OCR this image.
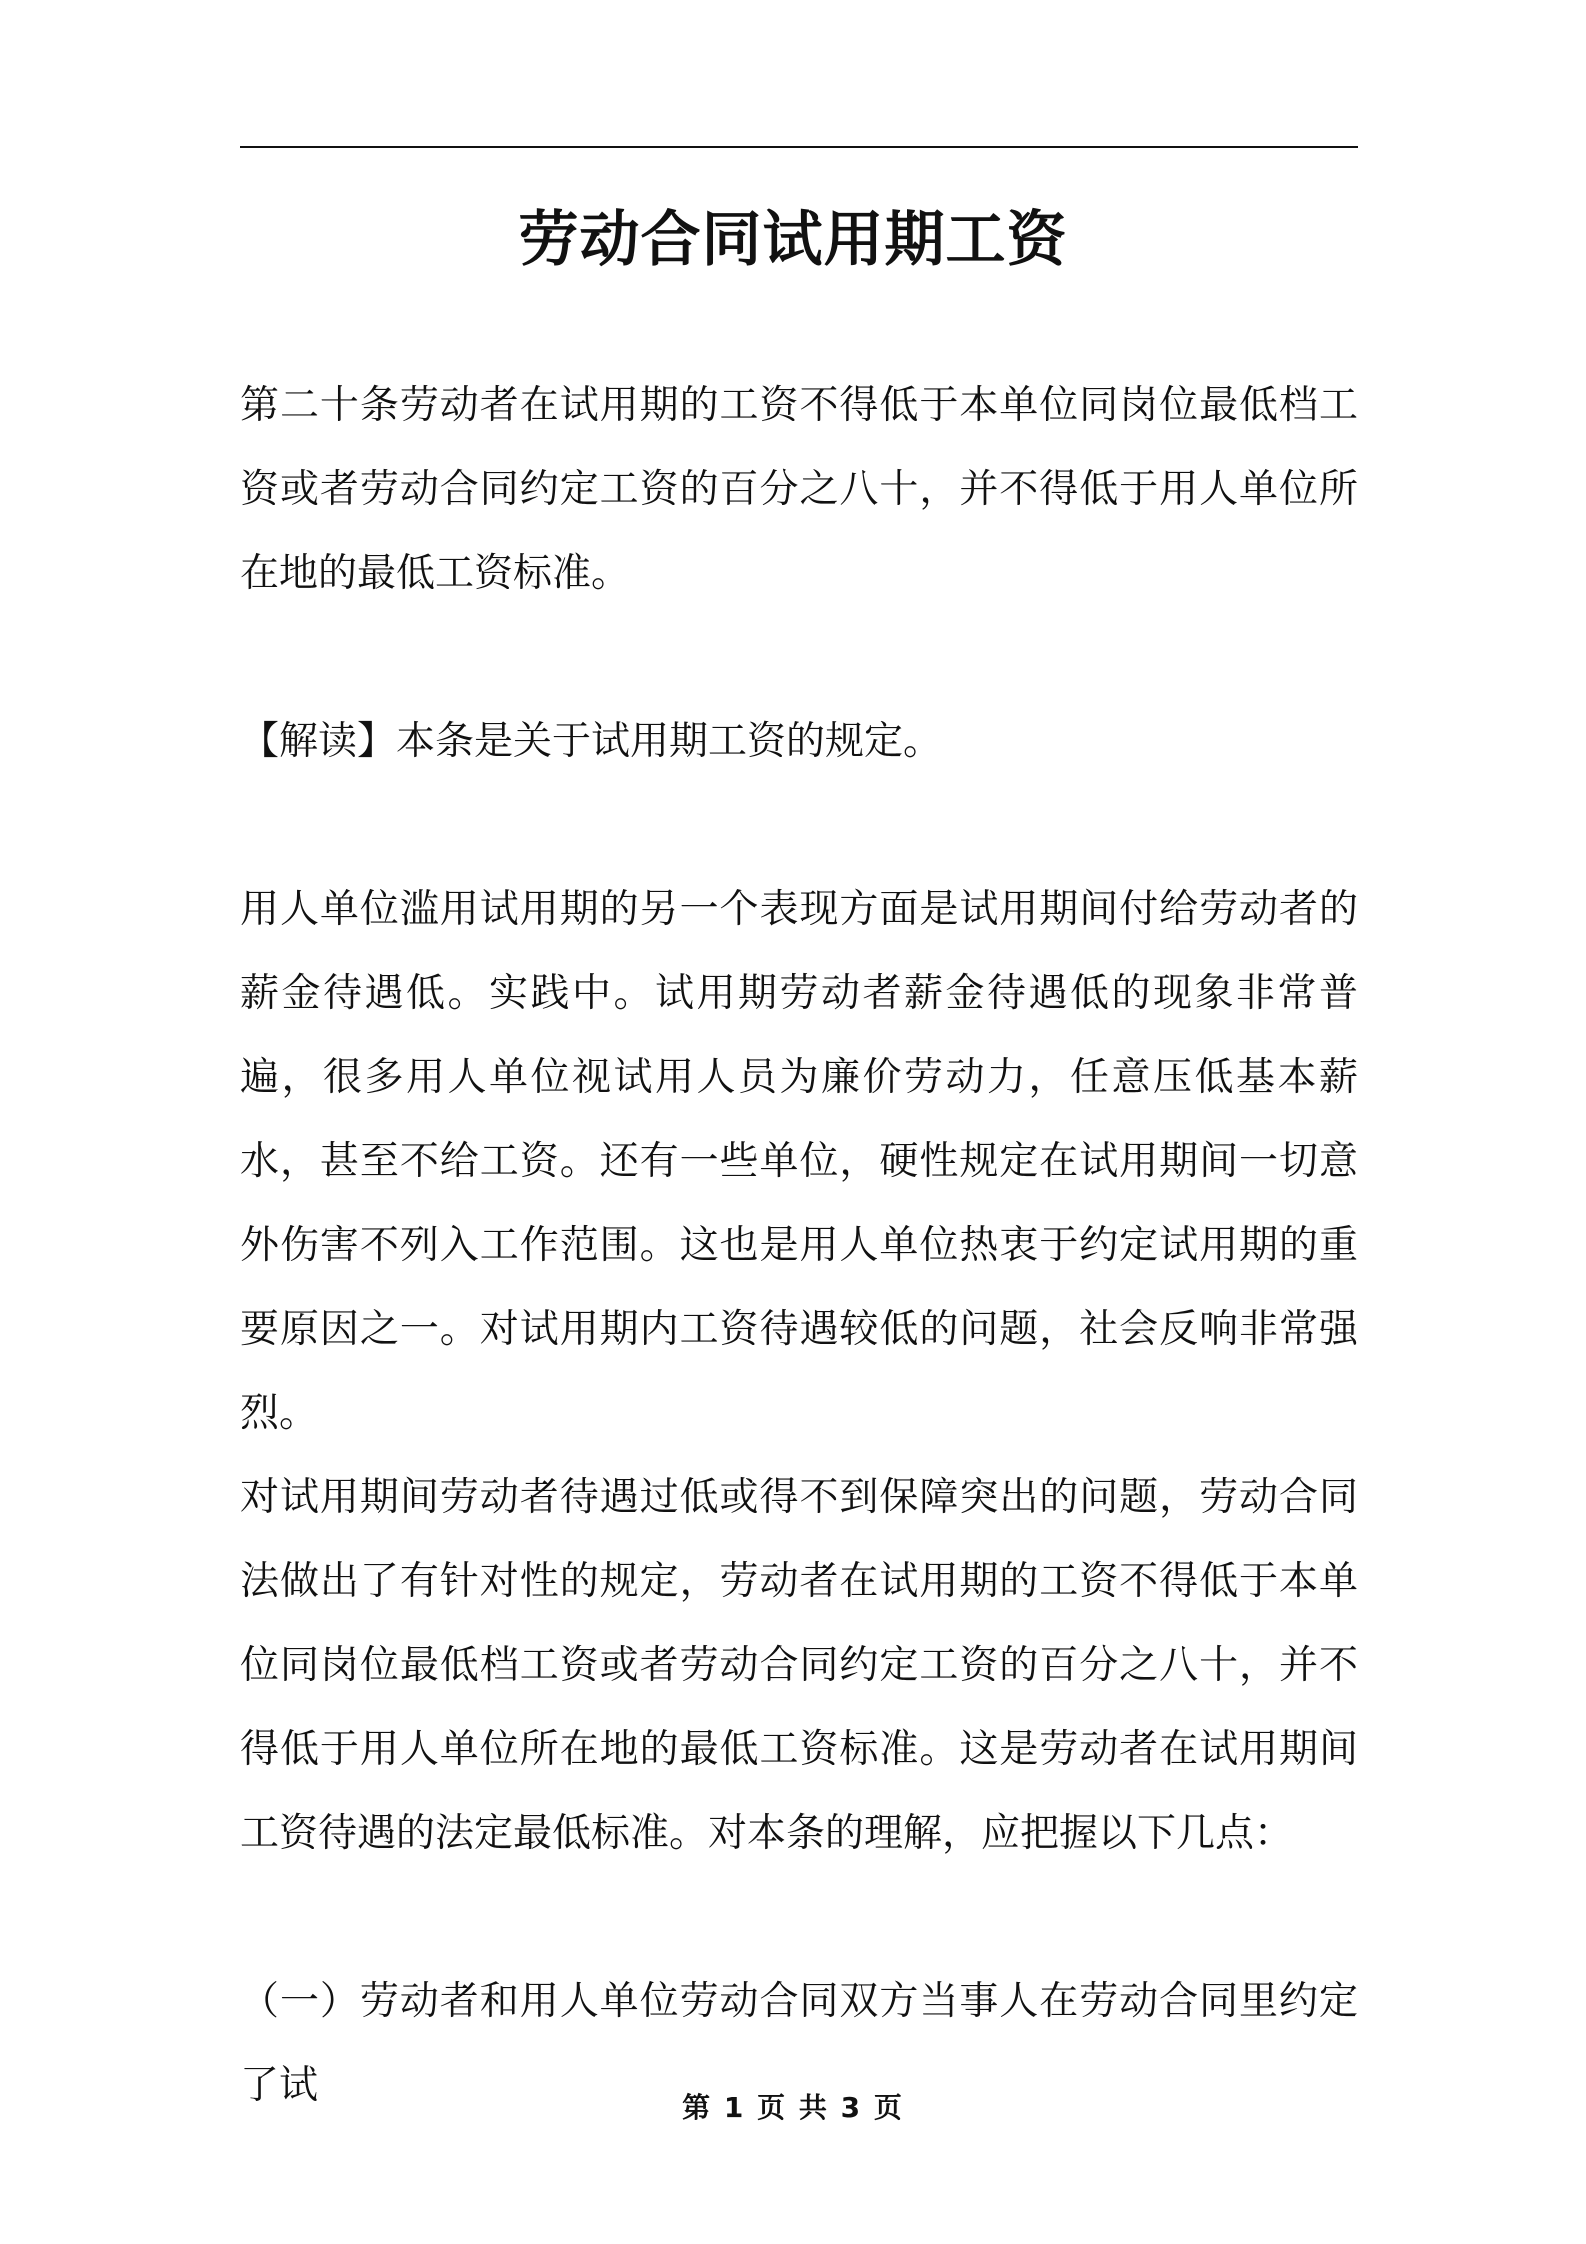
劳动合同试用期工资

第二十条劳动者在试用期的工资不得低于本单位同岗位最低档工资或者劳动合同约定工资的百分之八十，并不得低于用人单位所在地的最低工资标准。

【解读】本条是关于试用期工资的规定。

用人单位滥用试用期的另一个表现方面是试用期间付给劳动者的薪金待遇低。实践中。试用期劳动者薪金待遇低的现象非常普遍，很多用人单位视试用人员为廉价劳动力，任意压低基本薪水，甚至不给工资。还有一些单位，硬性规定在试用期间一切意外伤害不列入工作范围。这也是用人单位热衷于约定试用期的重要原因之一。对试用期内工资待遇较低的问题，社会反响非常强烈。

对试用期间劳动者待遇过低或得不到保障突出的问题，劳动合同法做出了有针对性的规定，劳动者在试用期的工资不得低于本单位同岗位最低档工资或者劳动合同约定工资的百分之八十，并不得低于用人单位所在地的最低工资标准。这是劳动者在试用期间工资待遇的法定最低标准。对本条的理解，应把握以下几点：

（一）劳动者和用人单位劳动合同双方当事人在劳动合同里约定了试	第 1 页 共 3 页
